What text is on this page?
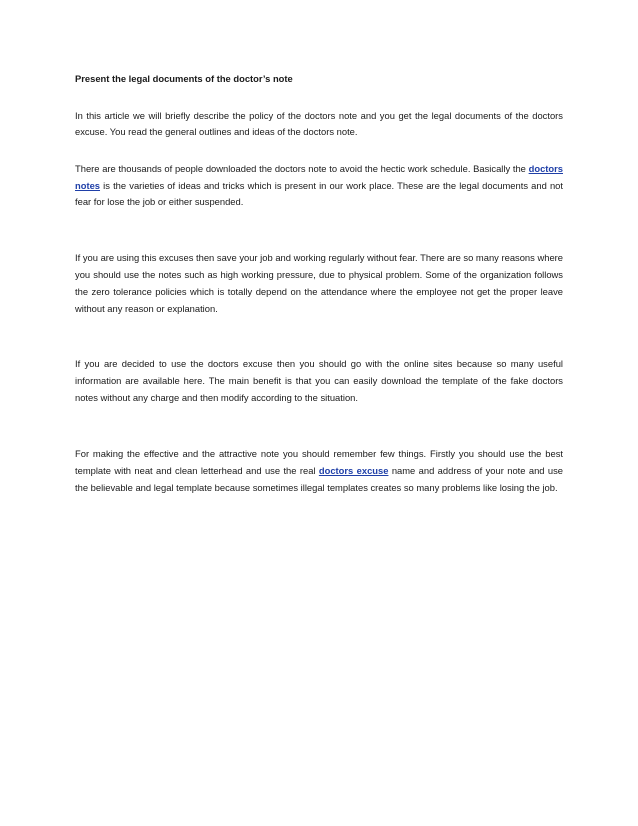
Present the legal documents of the doctor’s note

In this article we will briefly describe the policy of the doctors note and you get the legal documents of the doctors excuse. You read the general outlines and ideas of the doctors note.

There are thousands of people downloaded the doctors note to avoid the hectic work schedule. Basically the doctors notes is the varieties of ideas and tricks which is present in our work place. These are the legal documents and not fear for lose the job or either suspended.

If you are using this excuses then save your job and working regularly without fear. There are so many reasons where you should use the notes such as high working pressure, due to physical problem. Some of the organization follows the zero tolerance policies which is totally depend on the attendance where the employee not get the proper leave without any reason or explanation.

If you are decided to use the doctors excuse then you should go with the online sites because so many useful information are available here. The main benefit is that you can easily download the template of the fake doctors notes without any charge and then modify according to the situation.

For making the effective and the attractive note you should remember few things. Firstly you should use the best template with neat and clean letterhead and use the real doctors excuse name and address of your note and use the believable and legal template because sometimes illegal templates creates so many problems like losing the job.
